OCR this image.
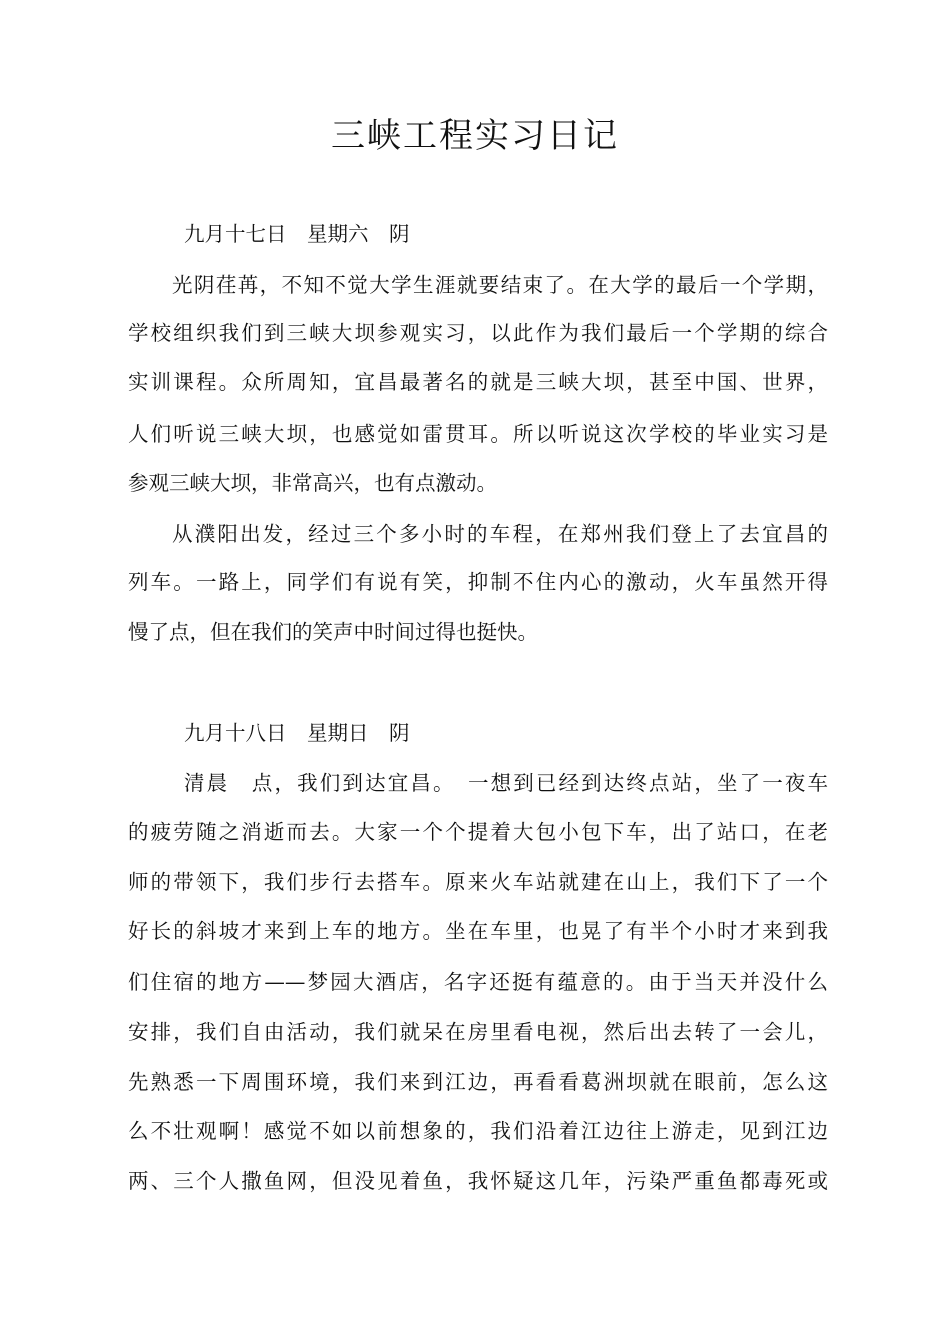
三峡工程实习日记
九月十七日　星期六　阴
光阴荏苒，不知不觉大学生涯就要结束了。在大学的最后一个学期，
学校组织我们到三峡大坝参观实习，以此作为我们最后一个学期的综合
实训课程。众所周知，宜昌最著名的就是三峡大坝，甚至中国、世界，
人们听说三峡大坝，也感觉如雷贯耳。所以听说这次学校的毕业实习是
参观三峡大坝，非常高兴，也有点激动。
从濮阳出发，经过三个多小时的车程，在郑州我们登上了去宜昌的
列车。一路上，同学们有说有笑，抑制不住内心的激动，火车虽然开得
慢了点，但在我们的笑声中时间过得也挺快。
九月十八日　星期日　阴
清晨　点，我们到达宜昌。　一想到已经到达终点站，坐了一夜车
的疲劳随之消逝而去。大家一个个提着大包小包下车，出了站口，在老
师的带领下，我们步行去搭车。原来火车站就建在山上，我们下了一个
好长的斜坡才来到上车的地方。坐在车里，也晃了有半个小时才来到我
们住宿的地方——梦园大酒店，名字还挺有蕴意的。由于当天并没什么
安排，我们自由活动，我们就呆在房里看电视，然后出去转了一会儿，
先熟悉一下周围环境，我们来到江边，再看看葛洲坝就在眼前，怎么这
么不壮观啊！感觉不如以前想象的，我们沿着江边往上游走，见到江边
两、三个人撒鱼网，但没见着鱼，我怀疑这几年，污染严重鱼都毒死或
